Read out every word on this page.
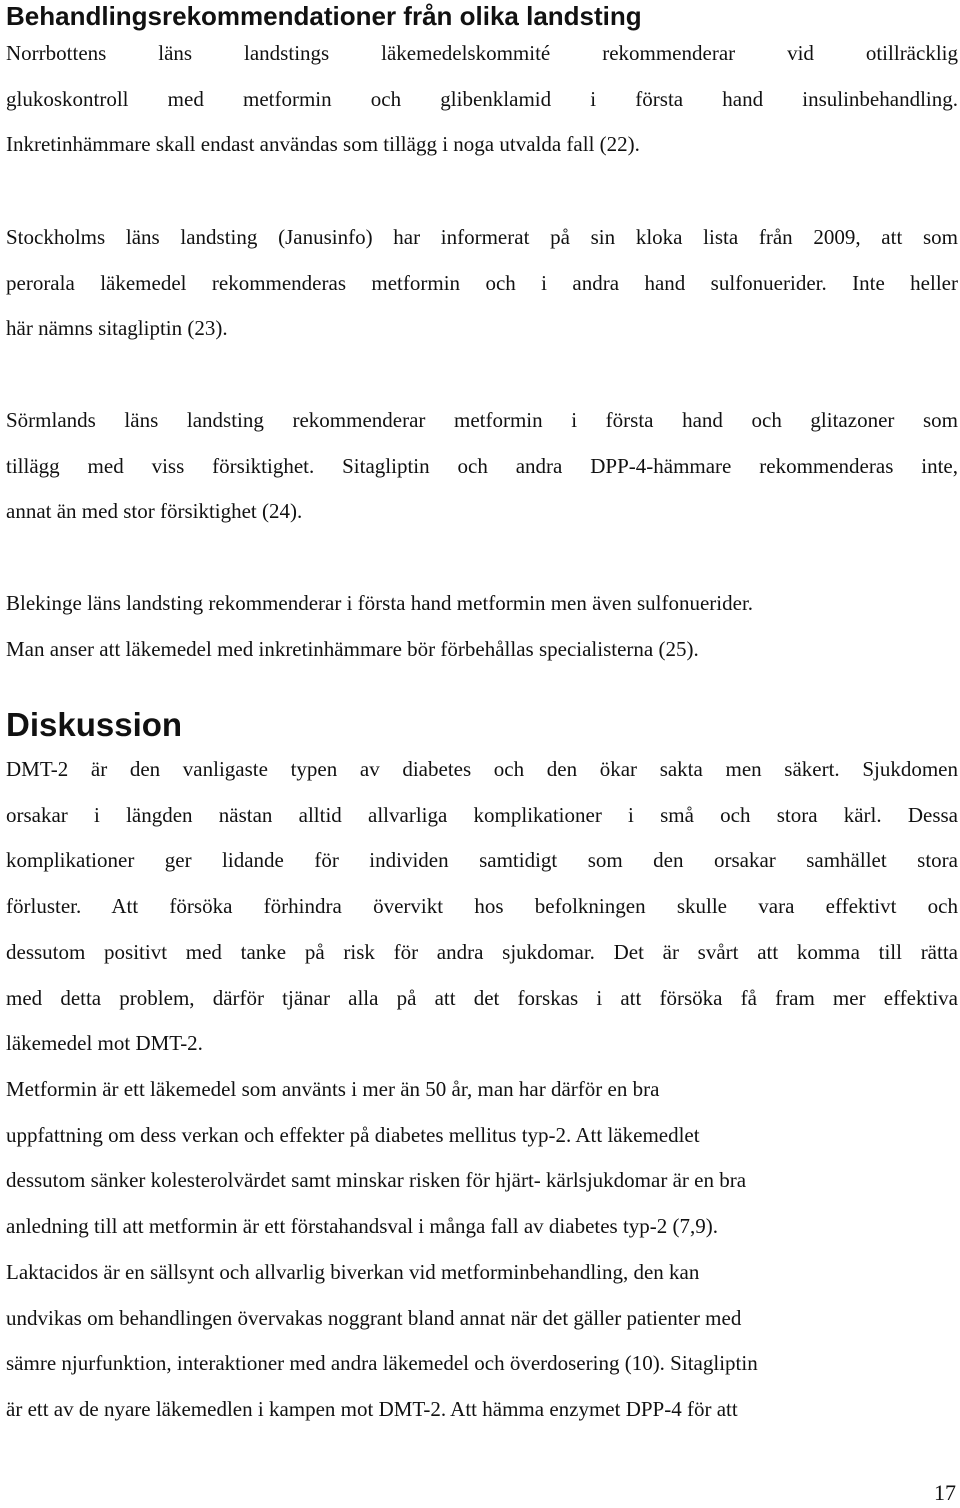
Behandlingsrekommendationer från olika landsting
Norrbottens läns landstings läkemedelskommité rekommenderar vid otillräcklig
glukoskontroll med metformin och glibenklamid i första hand insulinbehandling.
Inkretinhämmare skall endast användas som tillägg i noga utvalda fall (22).
Stockholms läns landsting (Janusinfo) har informerat på sin kloka lista från 2009, att som
perorala läkemedel rekommenderas metformin och i andra hand sulfonuerider. Inte heller
här nämns sitagliptin (23).
Sörmlands läns landsting rekommenderar metformin i första hand och glitazoner som
tillägg med viss försiktighet. Sitagliptin och andra DPP-4-hämmare rekommenderas inte,
annat än med stor försiktighet (24).
Blekinge läns landsting rekommenderar i första hand metformin men även sulfonuerider.
Man anser att läkemedel med inkretinhämmare bör förbehållas specialisterna (25).
Diskussion
DMT-2 är den vanligaste typen av diabetes och den ökar sakta men säkert. Sjukdomen
orsakar i längden nästan alltid allvarliga komplikationer i små och stora kärl. Dessa
komplikationer ger lidande för individen samtidigt som den orsakar samhället stora
förluster. Att försöka förhindra övervikt hos befolkningen skulle vara effektivt och
dessutom positivt med tanke på risk för andra sjukdomar. Det är svårt att komma till rätta
med detta problem, därför tjänar alla på att det forskas i att försöka få fram mer effektiva
läkemedel mot DMT-2.
Metformin är ett läkemedel som använts i mer än 50 år, man har därför en bra
uppfattning om dess verkan och effekter på diabetes mellitus typ-2. Att läkemedlet
dessutom sänker kolesterolvärdet samt minskar risken för hjärt- kärlsjukdomar är en bra
anledning till att metformin är ett förstahandsval i många fall av diabetes typ-2 (7,9).
Laktacidos är en sällsynt och allvarlig biverkan vid metforminbehandling, den kan
undvikas om behandlingen övervakas noggrant bland annat när det gäller patienter med
sämre njurfunktion, interaktioner med andra läkemedel och överdosering (10). Sitagliptin
är ett av de nyare läkemedlen i kampen mot DMT-2. Att hämma enzymet DPP-4 för att
17
